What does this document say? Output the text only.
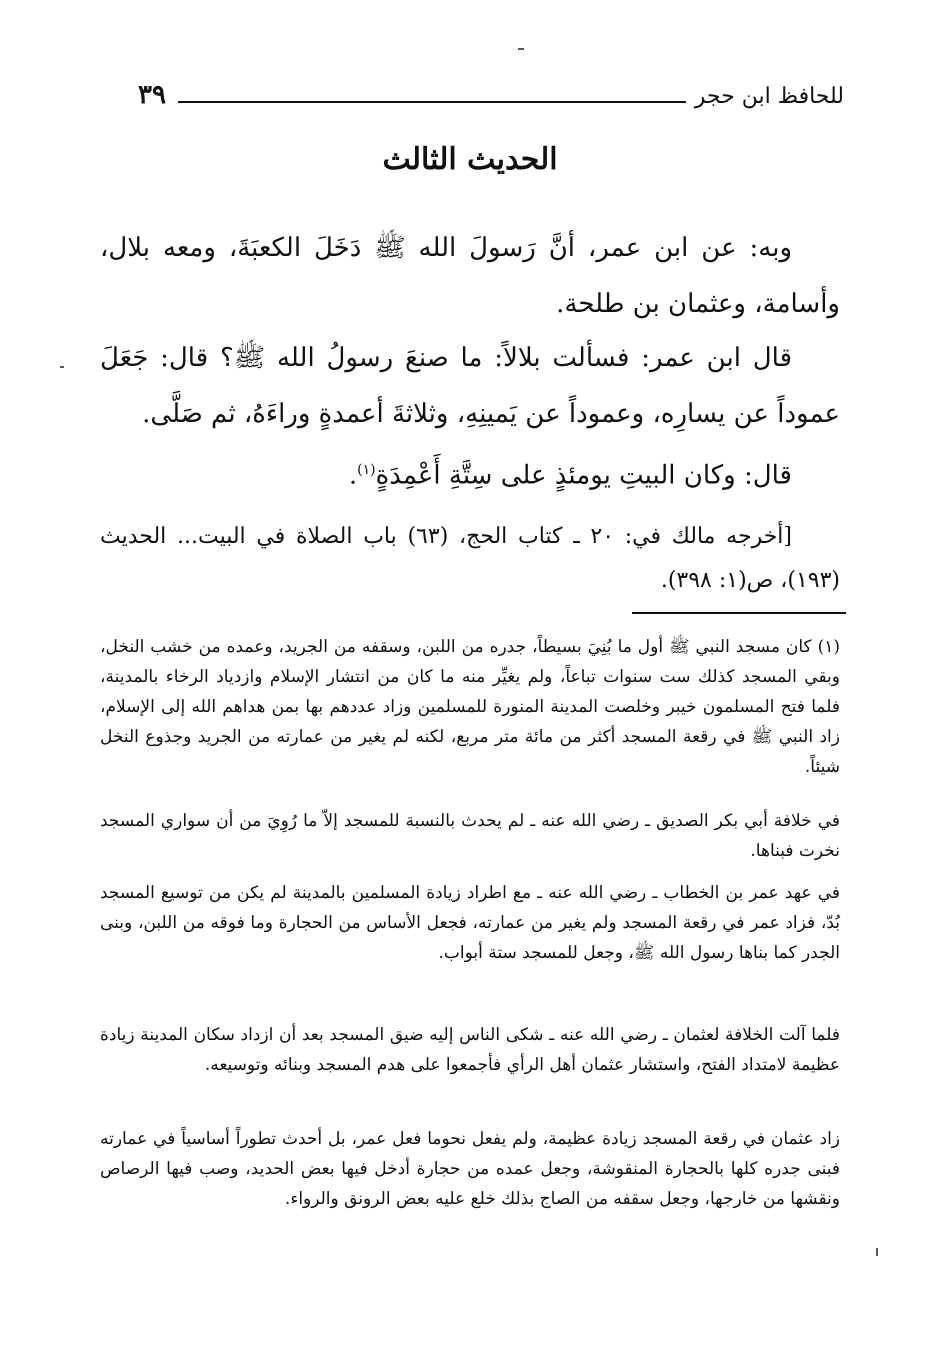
للحافظ ابن حجر
٣٩
الحديث الثالث
وبه: عن ابن عمر، أنَّ رَسولَ الله ﷺ دَخَلَ الكعبَةَ، ومعه بلال، وأسامة، وعثمان بن طلحة.
قال ابن عمر: فسألت بلالاً: ما صنعَ رسولُ الله ﷺ؟ قال: جَعَلَ عموداً عن يسارِه، وعموداً عن يَمينِهِ، وثلاثةَ أعمدةٍ وراءَهُ، ثم صَلَّى.
قال: وكان البيتِ يومئذٍ على سِتَّةِ أَعْمِدَةٍ$^{(١)}$.
[أخرجه مالك في: ٢٠ ـ كتاب الحج، (٦٣) باب الصلاة في البيت... الحديث (١٩٣)، ص(١: ٣٩٨).
(١) كان مسجد النبي ﷺ أول ما بُنِيَ بسيطاً، جدره من اللبن، وسقفه من الجريد، وعمده من خشب النخل، وبقي المسجد كذلك ست سنوات تباعاً، ولم يغيِّر منه ما كان من انتشار الإسلام وازدياد الرخاء بالمدينة، فلما فتح المسلمون خيبر وخلصت المدينة المنورة للمسلمين وزاد عددهم بها بمن هداهم الله إلى الإسلام، زاد النبي ﷺ في رقعة المسجد أكثر من مائة متر مربع، لكنه لم يغير من عمارته من الجريد وجذوع النخل شيئاً.
في خلافة أبي بكر الصديق ـ رضي الله عنه ـ لم يحدث بالنسبة للمسجد إلاّ ما رُوِيَ من أن سواري المسجد نخرت فبناها.
في عهد عمر بن الخطاب ـ رضي الله عنه ـ مع اطراد زيادة المسلمين بالمدينة لم يكن من توسيع المسجد بُدّ، فزاد عمر في رقعة المسجد ولم يغير من عمارته، فجعل الأساس من الحجارة وما فوقه من اللبن، وبنى الجدر كما بناها رسول الله ﷺ، وجعل للمسجد ستة أبواب.
فلما آلت الخلافة لعثمان ـ رضي الله عنه ـ شكى الناس إليه ضيق المسجد بعد أن ازداد سكان المدينة زيادة عظيمة لامتداد الفتح، واستشار عثمان أهل الرأي فأجمعوا على هدم المسجد وبنائه وتوسيعه.
زاد عثمان في رقعة المسجد زيادة عظيمة، ولم يفعل نحوما فعل عمر، بل أحدث تطوراً أساسياً في عمارته فبنى جدره كلها بالحجارة المنقوشة، وجعل عمده من حجارة أدخل فيها بعض الحديد، وصب فيها الرصاص ونقشها من خارجها، وجعل سقفه من الصاج بذلك خلع عليه بعض الرونق والرواء.
